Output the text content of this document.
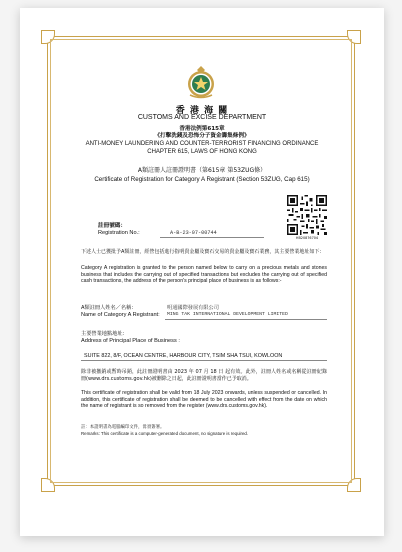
香 港 海 關
CUSTOMS AND EXCISE DEPARTMENT
香港法例第615章
《打擊洗錢及恐怖分子資金籌集條例》
ANTI-MONEY LAUNDERING AND COUNTER-TERRORIST FINANCING ORDINANCE
CHAPTER 615, LAWS OF HONG KONG
A類註冊人註冊證明書（第615章 第53ZUG條）
Certificate of Registration for Category A Registrant (Section 53ZUG, Cap 615)
HB20876704
註冊號碼：
Registration No.:	A-B-23-07-00744
下述人士已獲批予A類註冊，經營包括進行指明貴金屬及寶石交易的貴金屬及寶石業務，其主要營業地址如下：
Category A registration is granted to the person named below to carry on a precious metals and stones business that includes the carrying out of specified transactions but excludes the carrying out of specified cash transactions, the address of the person's principal place of business is as follows:-
A類註冊人姓名／名稱：
Name of Category A Registrant:
明通國際發展有限公司
MING TAK INTERNATIONAL DEVELOPMENT LIMITED
主要營業地點地址：
Address of Principal Place of Business :
SUITE 822, 8/F, OCEAN CENTRE, HARBOUR CITY, TSIM SHA TSUI, KOWLOON
除非被撤銷或暫時吊銷，此註冊證明書由 2023 年 07 月 18 日 起有效。此外，註冊人姓名或名稱從註冊紀錄冊(www.drs.customs.gov.hk)被刪除之日起，此註冊證明書當作已予取消。
This certificate of registration shall be valid from 18 July 2023 onwards, unless suspended or cancelled. In addition, this certificate of registration shall be deemed to be cancelled with effect from the date on which the name of registrant is so removed from the register (www.drs.customs.gov.hk).
註：本證明書為電腦編印文件，毋須簽署。
Remarks: This certificate is a computer-generated document, no signature is required.
